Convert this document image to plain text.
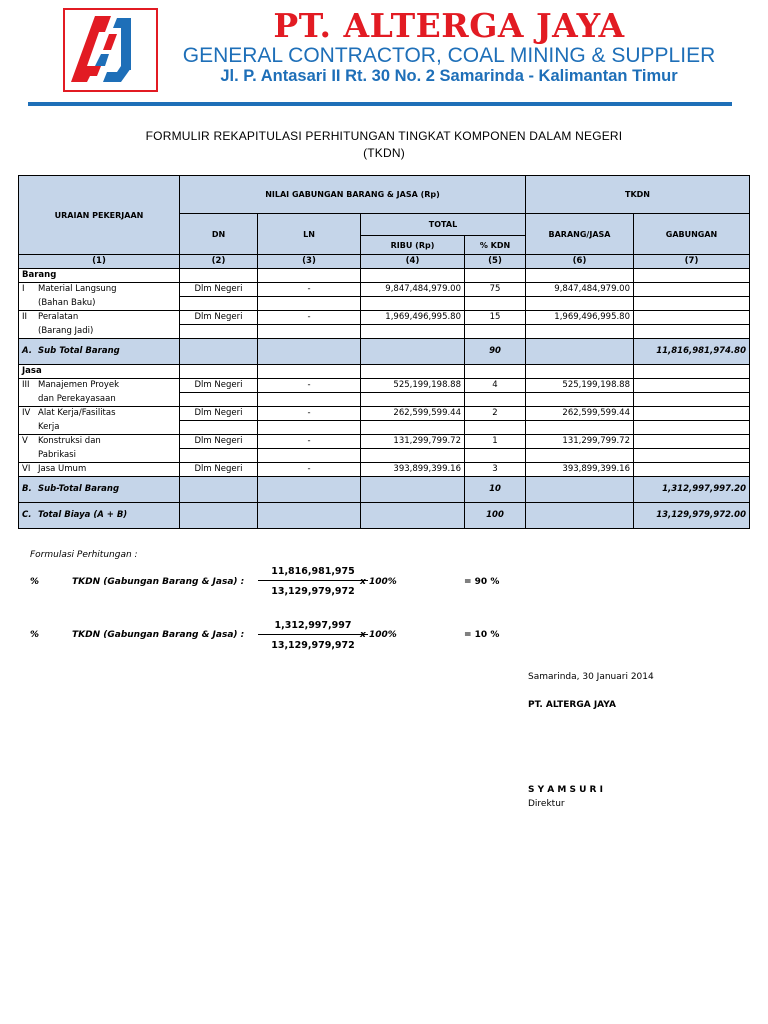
PT. ALTERGA JAYA
GENERAL CONTRACTOR, COAL MINING & SUPPLIER
Jl. P. Antasari II Rt. 30 No. 2 Samarinda - Kalimantan Timur
FORMULIR REKAPITULASI PERHITUNGAN TINGKAT KOMPONEN DALAM NEGERI
(TKDN)
URAIAN PEKERJAAN	NILAI GABUNGAN BARANG & JASA (Rp)				TKDN	
	DN	LN	TOTAL		BARANG/JASA	GABUNGAN
			RIBU (Rp)	% KDN		
(1)	(2)	(3)	(4)	(5)	(6)	(7)
Barang						
I Material Langsung	Dlm Negeri	-	9,847,484,979.00	75	9,847,484,979.00	
(Bahan Baku)						
II Peralatan	Dlm Negeri	-	1,969,496,995.80	15	1,969,496,995.80	
(Barang Jadi)						
A. Sub Total Barang				90		11,816,981,974.80
Jasa						
III Manajemen Proyek	Dlm Negeri	-	525,199,198.88	4	525,199,198.88	
dan Perekayasaan						
IV Alat Kerja/Fasilitas	Dlm Negeri	-	262,599,599.44	2	262,599,599.44	
Kerja						
V Konstruksi dan	Dlm Negeri	-	131,299,799.72	1	131,299,799.72	
Pabrikasi						
VI Jasa Umum	Dlm Negeri	-	393,899,399.16	3	393,899,399.16	
B. Sub-Total Barang				10		1,312,997,997.20
C. Total Biaya (A + B)				100		13,129,979,972.00
Formulasi Perhitungan :
%	TKDN (Gabungan Barang & Jasa) :
11,816,981,975
13,129,979,972
x 100%	= 90 %
%	TKDN (Gabungan Barang & Jasa) :
1,312,997,997
13,129,979,972
x 100%	= 10 %
Samarinda, 30 Januari 2014
PT. ALTERGA JAYA
S Y A M S U R I
Direktur
